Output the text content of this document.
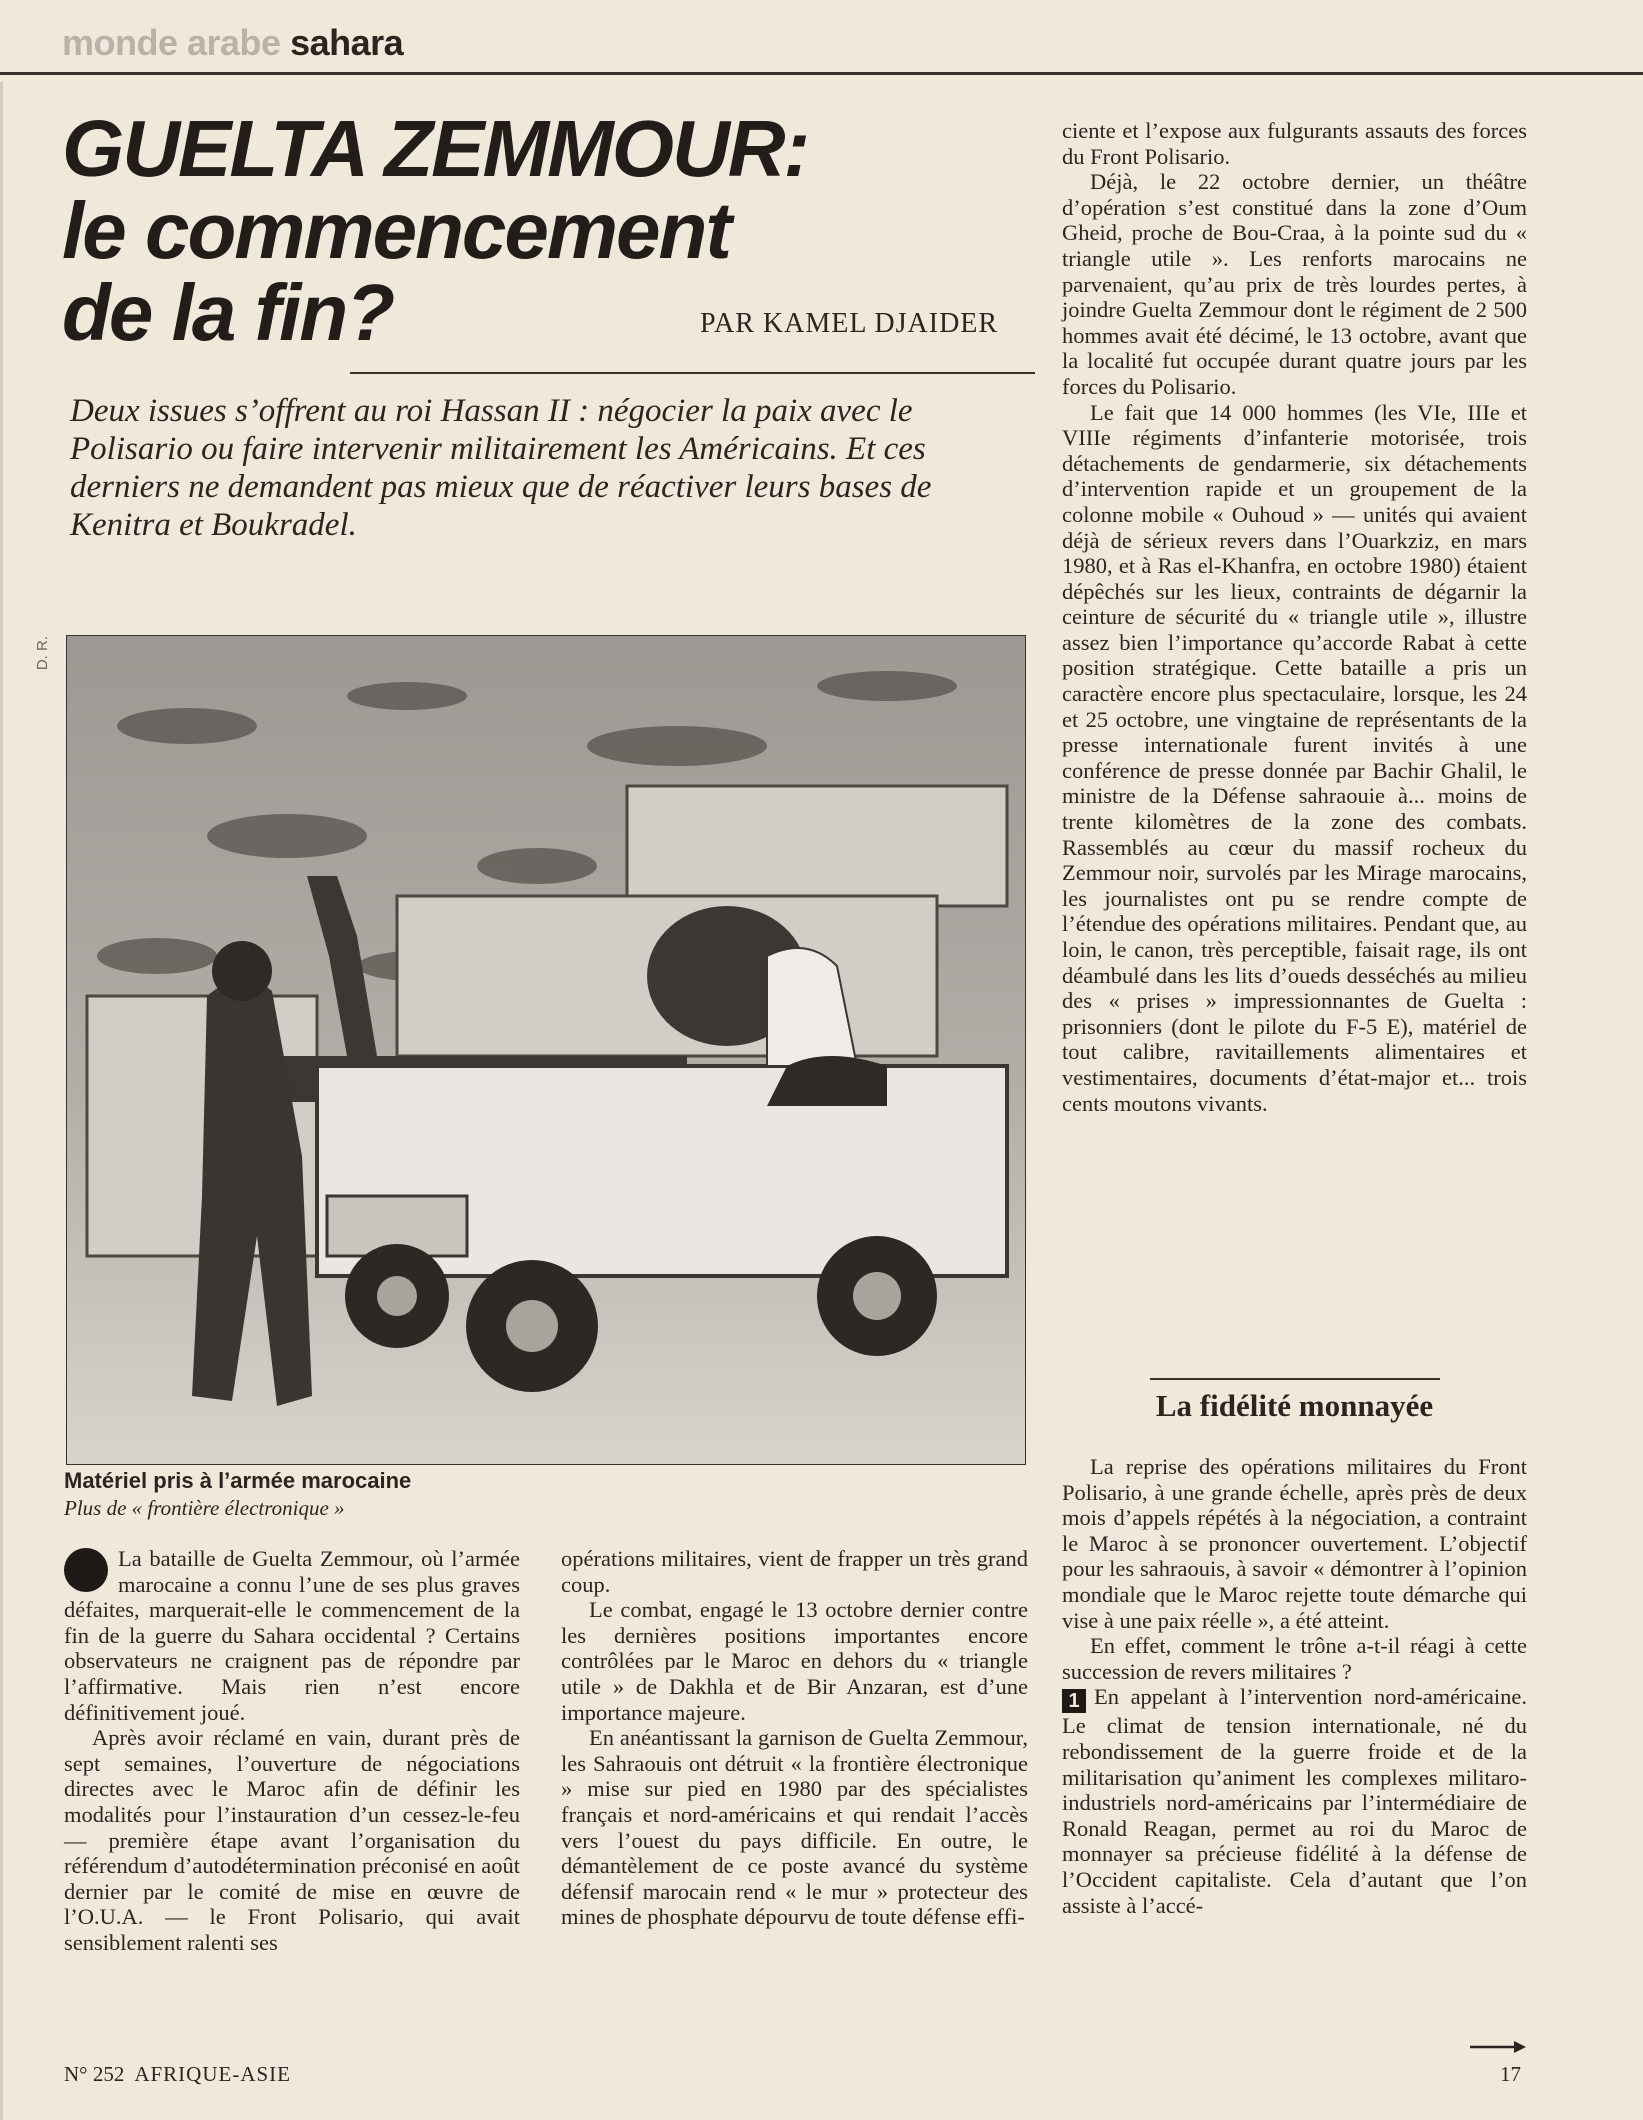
monde arabe sahara
GUELTA ZEMMOUR:
le commencement
de la fin?	PAR KAMEL DJAIDER
Deux issues s’offrent au roi Hassan II : négocier la paix avec le Polisario ou faire intervenir militairement les Américains. Et ces derniers ne demandent pas mieux que de réactiver leurs bases de Kenitra et Boukradel.
D. R.
Matériel pris à l’armée marocaine
Plus de « frontière électronique »

La bataille de Guelta Zemmour, où l’armée marocaine a connu l’une de ses plus graves défaites, marquerait-elle le commencement de la fin de la guerre du Sahara occidental ? Certains observateurs ne craignent pas de répondre par l’affirmative. Mais rien n’est encore définitivement joué.

Après avoir réclamé en vain, durant près de sept semaines, l’ouverture de négociations directes avec le Maroc afin de définir les modalités pour l’instauration d’un cessez-le-feu — première étape avant l’organisation du référendum d’autodétermination préconisé en août dernier par le comité de mise en œuvre de l’O.U.A. — le Front Polisario, qui avait sensiblement ralenti ses

opérations militaires, vient de frapper un très grand coup.

Le combat, engagé le 13 octobre dernier contre les dernières positions importantes encore contrôlées par le Maroc en dehors du « triangle utile » de Dakhla et de Bir Anzaran, est d’une importance majeure.

En anéantissant la garnison de Guelta Zemmour, les Sahraouis ont détruit « la frontière électronique » mise sur pied en 1980 par des spécialistes français et nord-américains et qui rendait l’accès vers l’ouest du pays difficile. En outre, le démantèlement de ce poste avancé du système défensif marocain rend « le mur » protecteur des mines de phosphate dépourvu de toute défense effi-

ciente et l’expose aux fulgurants assauts des forces du Front Polisario.

Déjà, le 22 octobre dernier, un théâtre d’opération s’est constitué dans la zone d’Oum Gheid, proche de Bou-Craa, à la pointe sud du « triangle utile ». Les renforts marocains ne parvenaient, qu’au prix de très lourdes pertes, à joindre Guelta Zemmour dont le régiment de 2 500 hommes avait été décimé, le 13 octobre, avant que la localité fut occupée durant quatre jours par les forces du Polisario.

Le fait que 14 000 hommes (les VIe, IIIe et VIIIe régiments d’infanterie motorisée, trois détachements de gendarmerie, six détachements d’intervention rapide et un groupement de la colonne mobile « Ouhoud » — unités qui avaient déjà de sérieux revers dans l’Ouarkziz, en mars 1980, et à Ras el-Khanfra, en octobre 1980) étaient dépêchés sur les lieux, contraints de dégarnir la ceinture de sécurité du « triangle utile », illustre assez bien l’importance qu’accorde Rabat à cette position stratégique. Cette bataille a pris un caractère encore plus spectaculaire, lorsque, les 24 et 25 octobre, une vingtaine de représentants de la presse internationale furent invités à une conférence de presse donnée par Bachir Ghalil, le ministre de la Défense sahraouie à... moins de trente kilomètres de la zone des combats. Rassemblés au cœur du massif rocheux du Zemmour noir, survolés par les Mirage marocains, les journalistes ont pu se rendre compte de l’étendue des opérations militaires. Pendant que, au loin, le canon, très perceptible, faisait rage, ils ont déambulé dans les lits d’oueds desséchés au milieu des « prises » impressionnantes de Guelta : prisonniers (dont le pilote du F-5 E), matériel de tout calibre, ravitaillements alimentaires et vestimentaires, documents d’état-major et... trois cents moutons vivants.

La fidélité monnayée

La reprise des opérations militaires du Front Polisario, à une grande échelle, après près de deux mois d’appels répétés à la négociation, a contraint le Maroc à se prononcer ouvertement. L’objectif pour les sahraouis, à savoir « démontrer à l’opinion mondiale que le Maroc rejette toute démarche qui vise à une paix réelle », a été atteint.

En effet, comment le trône a-t-il réagi à cette succession de revers militaires ?

1 En appelant à l’intervention nord-américaine. Le climat de tension internationale, né du rebondissement de la guerre froide et de la militarisation qu’animent les complexes militaro-industriels nord-américains par l’intermédiaire de Ronald Reagan, permet au roi du Maroc de monnayer sa précieuse fidélité à la défense de l’Occident capitaliste. Cela d’autant que l’on assiste à l’accé-

N° 252 AFRIQUE-ASIE	17
